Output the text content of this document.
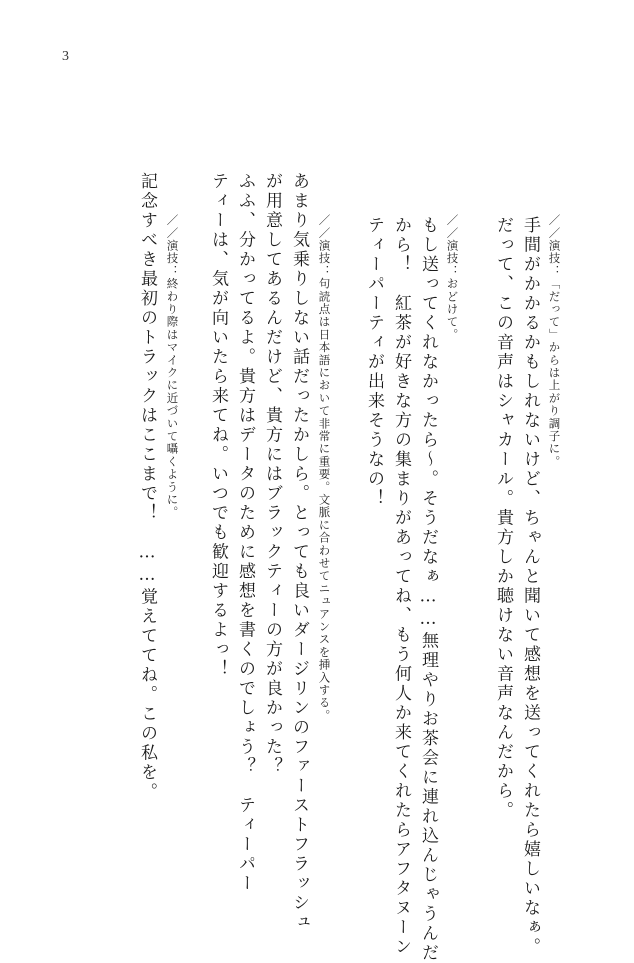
3
／／演技：「だって」からは上がり調子に。
手間がかかるかもしれないけど、ちゃんと聞いて感想を送ってくれたら嬉しいなぁ。
だって、この音声はシャカール。貴方しか聴けない音声なんだから。
／／演技：おどけて。
もし送ってくれなかったら～。そうだなぁ……無理やりお茶会に連れ込んじゃうんだ
から！　紅茶が好きな方の集まりがあってね、もう何人か来てくれたらアフタヌーン
ティーパーティが出来そうなの！
／／演技：句読点は日本語において非常に重要。文脈に合わせてニュアンスを挿入する。
あまり気乗りしない話だったかしら。とっても良いダージリンのファーストフラッシュ
が用意してあるんだけど、貴方にはブラックティーの方が良かった？
ふふ、分かってるよ。貴方はデータのために感想を書くのでしょう？　ティーパー
ティーは、気が向いたら来てね。いつでも歓迎するよっ！
／／演技：終わり際はマイクに近づいて囁くように。
記念すべき最初のトラックはここまで！　……覚えててね。この私を。
